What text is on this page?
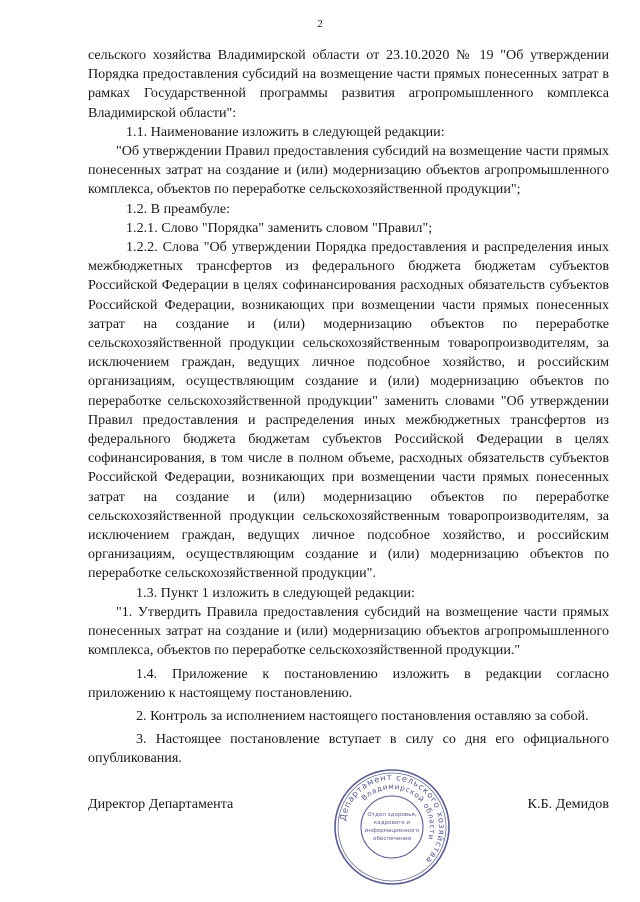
2

сельского хозяйства Владимирской области от 23.10.2020 № 19 "Об утверждении Порядка предоставления субсидий на возмещение части прямых понесенных затрат в рамках Государственной программы развития агропромышленного комплекса Владимирской области":

1.1. Наименование изложить в следующей редакции:

"Об утверждении Правил предоставления субсидий на возмещение части прямых понесенных затрат на создание и (или) модернизацию объектов агропромышленного комплекса, объектов по переработке сельскохозяйственной продукции";

1.2. В преамбуле:

1.2.1. Слово "Порядка" заменить словом "Правил";

1.2.2. Слова "Об утверждении Порядка предоставления и распределения иных межбюджетных трансфертов из федерального бюджета бюджетам субъектов Российской Федерации в целях софинансирования расходных обязательств субъектов Российской Федерации, возникающих при возмещении части прямых понесенных затрат на создание и (или) модернизацию объектов по переработке сельскохозяйственной продукции сельскохозяйственным товаропроизводителям, за исключением граждан, ведущих личное подсобное хозяйство, и российским организациям, осуществляющим создание и (или) модернизацию объектов по переработке сельскохозяйственной продукции" заменить словами "Об утверждении Правил предоставления и распределения иных межбюджетных трансфертов из федерального бюджета бюджетам субъектов Российской Федерации в целях софинансирования, в том числе в полном объеме, расходных обязательств субъектов Российской Федерации, возникающих при возмещении части прямых понесенных затрат на создание и (или) модернизацию объектов по переработке сельскохозяйственной продукции сельскохозяйственным товаропроизводителям, за исключением граждан, ведущих личное подсобное хозяйство, и российским организациям, осуществляющим создание и (или) модернизацию объектов по переработке сельскохозяйственной продукции".

1.3. Пункт 1 изложить в следующей редакции:

"1. Утвердить Правила предоставления субсидий на возмещение части прямых понесенных затрат на создание и (или) модернизацию объектов агропромышленного комплекса, объектов по переработке сельскохозяйственной продукции."

1.4. Приложение к постановлению изложить в редакции согласно приложению к настоящему постановлению.

2. Контроль за исполнением настоящего постановления оставляю за собой.

3. Настоящее постановление вступает в силу со дня его официального опубликования.

Директор Департамента	К.Б. Демидов
Департамент сельского хозяйства
Владимирской области
Отдел здоровья,
кадрового и
информационного
обеспечения
